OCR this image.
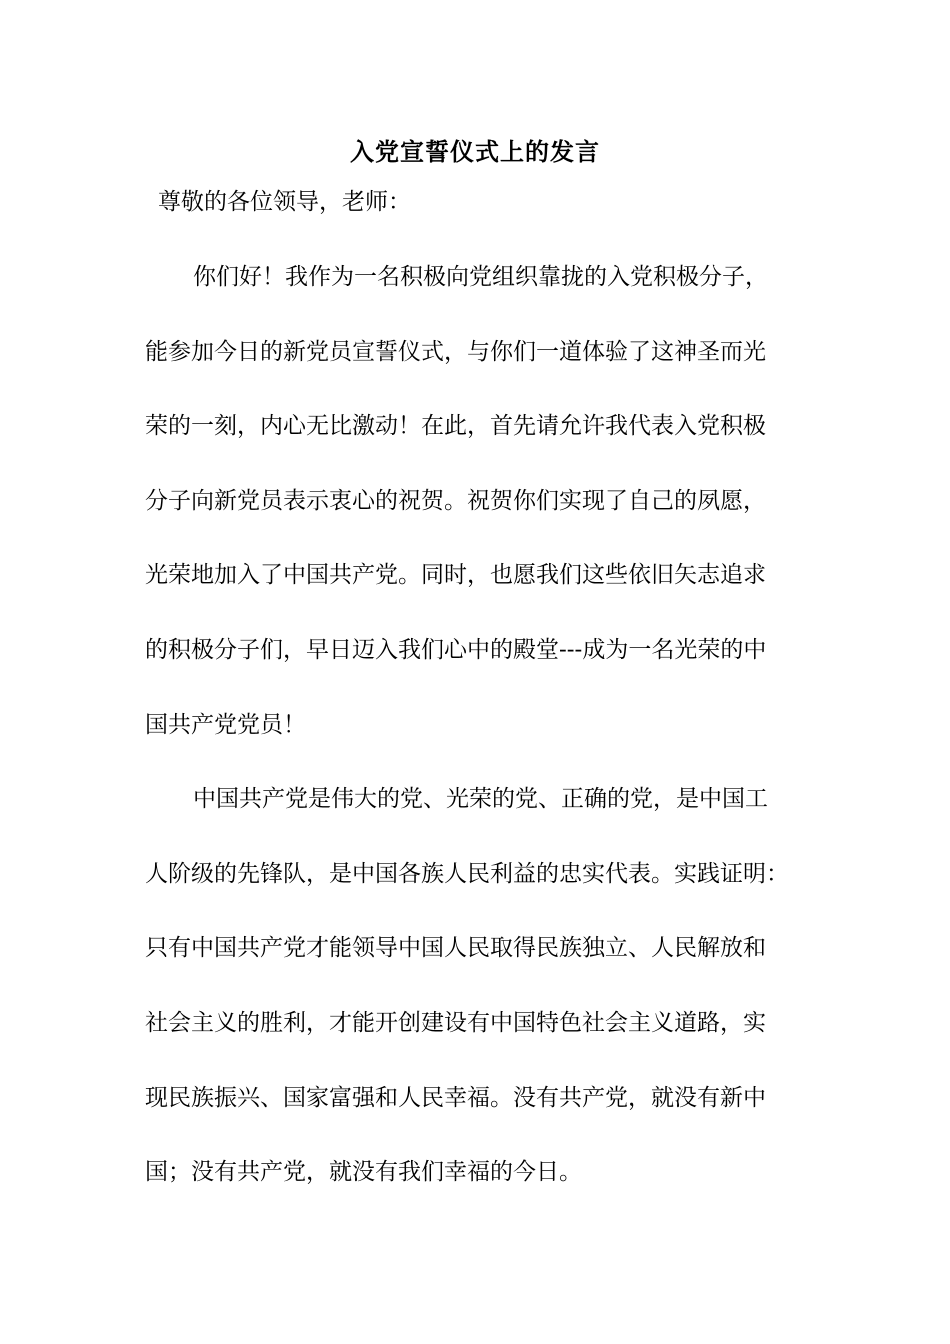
入党宣誓仪式上的发言
尊敬的各位领导，老师：
你们好！我作为一名积极向党组织靠拢的入党积极分子，
能参加今日的新党员宣誓仪式，与你们一道体验了这神圣而光
荣的一刻，内心无比激动！在此，首先请允许我代表入党积极
分子向新党员表示衷心的祝贺。祝贺你们实现了自己的夙愿，
光荣地加入了中国共产党。同时，也愿我们这些依旧矢志追求
的积极分子们，早日迈入我们心中的殿堂---成为一名光荣的中
国共产党党员！
中国共产党是伟大的党、光荣的党、正确的党，是中国工
人阶级的先锋队，是中国各族人民利益的忠实代表。实践证明：
只有中国共产党才能领导中国人民取得民族独立、人民解放和
社会主义的胜利，才能开创建设有中国特色社会主义道路，实
现民族振兴、国家富强和人民幸福。没有共产党，就没有新中
国；没有共产党，就没有我们幸福的今日。
